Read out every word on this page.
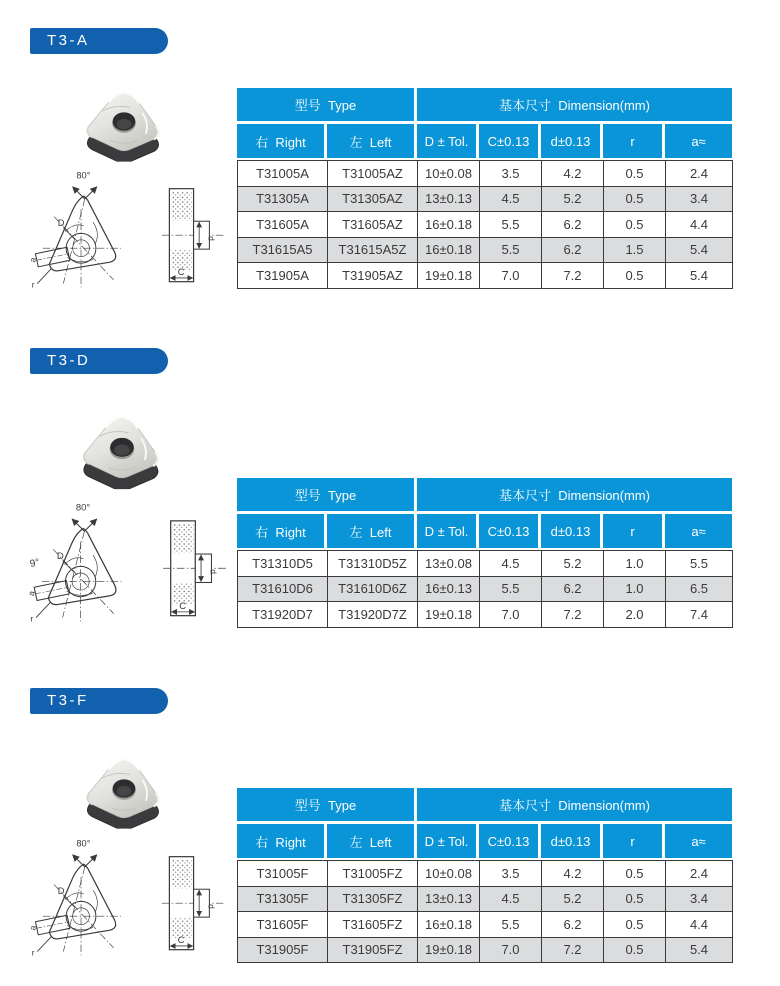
T3-A
型号  Type	基本尺寸  Dimension(mm)
右  Right	左  Left	D ± Tol.	C±0.13	d±0.13	r	a≈
T31005A	T31005AZ	10±0.08	3.5	4.2	0.5	2.4
T31305A	T31305AZ	13±0.13	4.5	5.2	0.5	3.4
T31605A	T31605AZ	16±0.18	5.5	6.2	0.5	4.4
T31615A5	T31615A5Z	16±0.18	5.5	6.2	1.5	5.4
T31905A	T31905AZ	19±0.18	7.0	7.2	0.5	5.4
T3-D
9°
型号  Type	基本尺寸  Dimension(mm)
右  Right	左  Left	D ± Tol.	C±0.13	d±0.13	r	a≈
T31310D5	T31310D5Z	13±0.08	4.5	5.2	1.0	5.5
T31610D6	T31610D6Z	16±0.13	5.5	6.2	1.0	6.5
T31920D7	T31920D7Z	19±0.18	7.0	7.2	2.0	7.4
T3-F
型号  Type	基本尺寸  Dimension(mm)
右  Right	左  Left	D ± Tol.	C±0.13	d±0.13	r	a≈
T31005F	T31005FZ	10±0.08	3.5	4.2	0.5	2.4
T31305F	T31305FZ	13±0.13	4.5	5.2	0.5	3.4
T31605F	T31605FZ	16±0.18	5.5	6.2	0.5	4.4
T31905F	T31905FZ	19±0.18	7.0	7.2	0.5	5.4
